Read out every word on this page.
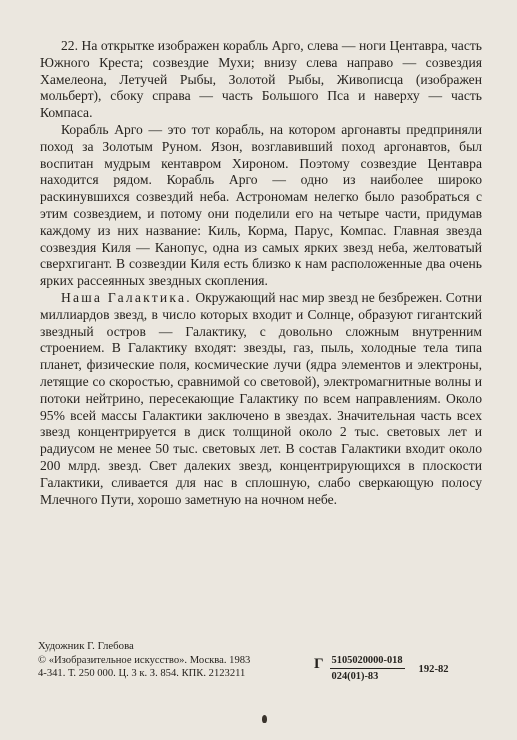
22. На открытке изображен корабль Арго, слева — ноги Центавра, часть Южного Креста; созвездие Мухи; внизу слева направо — созвездия Хамелеона, Летучей Рыбы, Золотой Рыбы, Живописца (изображен мольберт), сбоку справа — часть Большого Пса и наверху — часть Компаса.

Корабль Арго — это тот корабль, на котором аргонавты предприняли поход за Золотым Руном. Язон, возглавивший поход аргонавтов, был воспитан мудрым кентавром Хироном. Поэтому созвездие Центавра находится рядом. Корабль Арго — одно из наиболее широко раскинувшихся созвездий неба. Астрономам нелегко было разобраться с этим созвездием, и потому они поделили его на четыре части, придумав каждому из них название: Киль, Корма, Парус, Компас. Главная звезда созвездия Киля — Канопус, одна из самых ярких звезд неба, желтоватый сверхгигант. В созвездии Киля есть близко к нам расположенные два очень ярких рассеянных звездных скопления.

Наша Галактика. Окружающий нас мир звезд не безбрежен. Сотни миллиардов звезд, в число которых входит и Солнце, образуют гигантский звездный остров — Галактику, с довольно сложным внутренним строением. В Галактику входят: звезды, газ, пыль, холодные тела типа планет, физические поля, космические лучи (ядра элементов и электроны, летящие со скоростью, сравнимой со световой), электромагнитные волны и потоки нейтрино, пересекающие Галактику по всем направлениям. Около 95% всей массы Галактики заключено в звездах. Значительная часть всех звезд концентрируется в диск толщиной около 2 тыс. световых лет и радиусом не менее 50 тыс. световых лет. В состав Галактики входит около 200 млрд. звезд. Свет далеких звезд, концентрирующихся в плоскости Галактики, сливается для нас в сплошную, слабо сверкающую полосу Млечного Пути, хорошо заметную на ночном небе.

Художник Г. Глебова
© «Изобразительное искусство». Москва. 1983
4-341. Т. 250 000. Ц. 3 к. З. 854. КПК. 2123211
Г $\frac{5105020000-018}{024(01)-83} 192-82$
